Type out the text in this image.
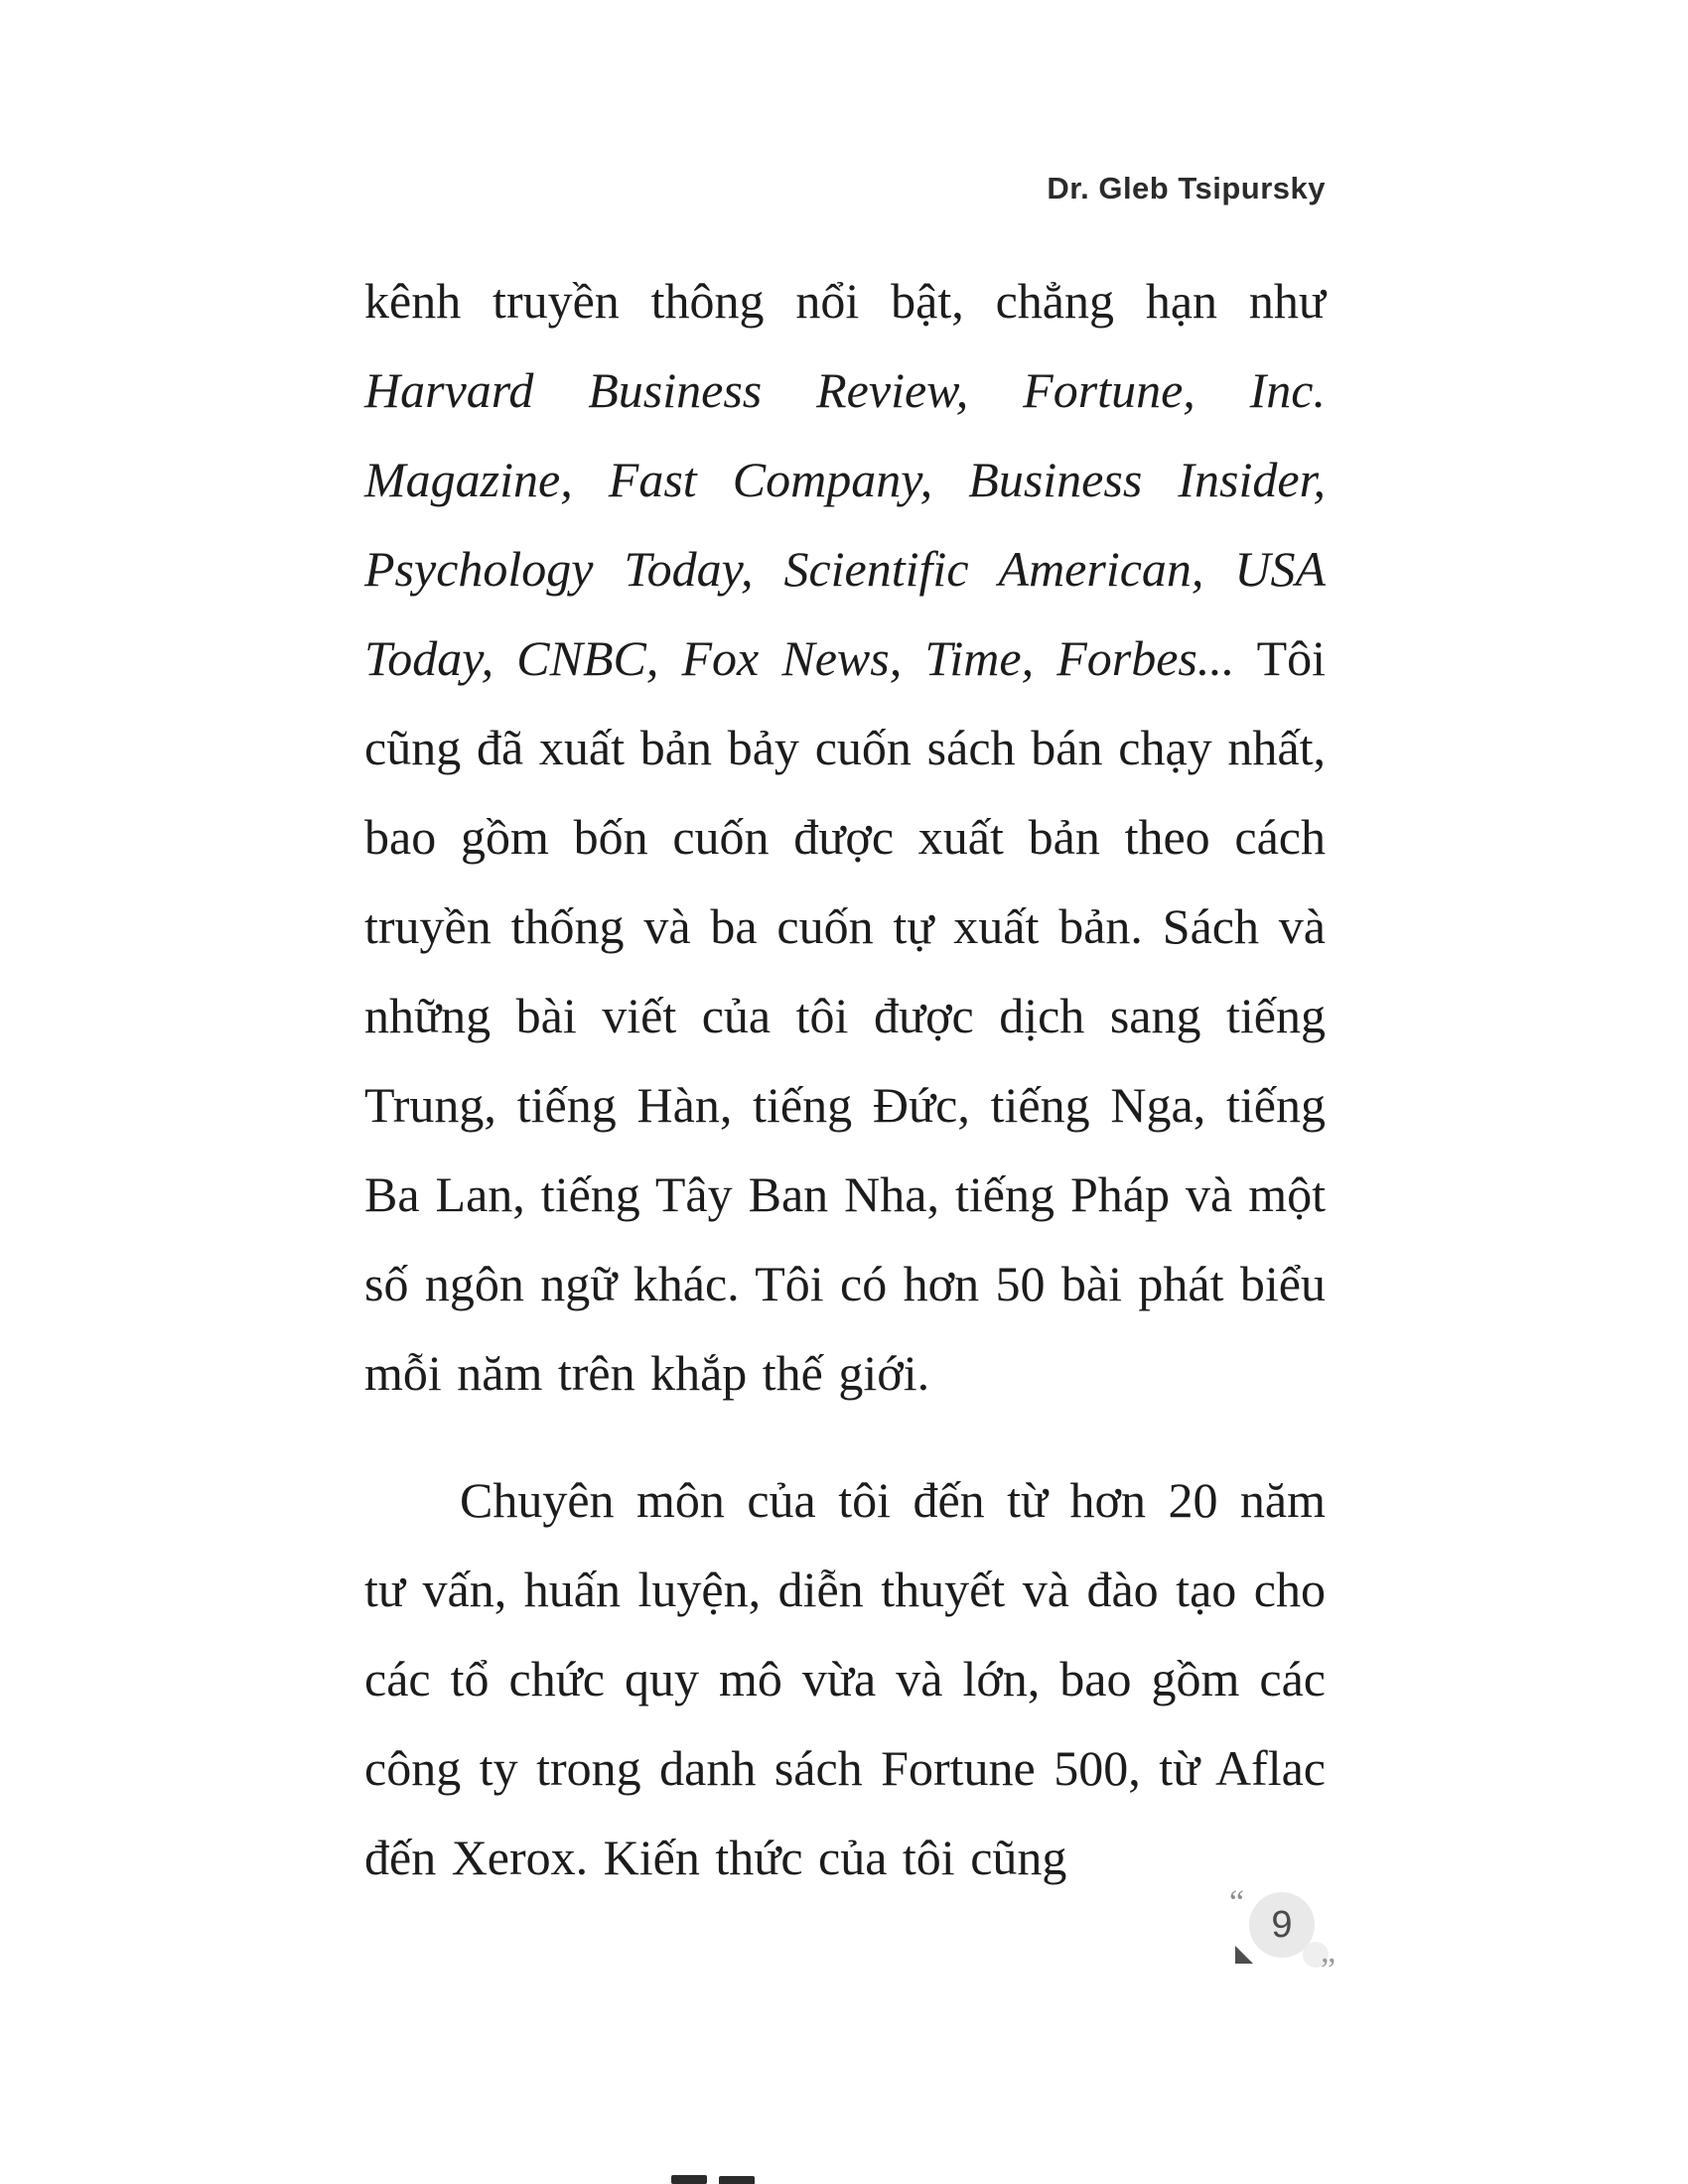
Dr. Gleb Tsipursky

kênh truyền thông nổi bật, chẳng hạn như Harvard Business Review, Fortune, Inc. Magazine, Fast Company, Business Insider, Psychology Today, Scientific American, USA Today, CNBC, Fox News, Time, Forbes... Tôi cũng đã xuất bản bảy cuốn sách bán chạy nhất, bao gồm bốn cuốn được xuất bản theo cách truyền thống và ba cuốn tự xuất bản. Sách và những bài viết của tôi được dịch sang tiếng Trung, tiếng Hàn, tiếng Đức, tiếng Nga, tiếng Ba Lan, tiếng Tây Ban Nha, tiếng Pháp và một số ngôn ngữ khác. Tôi có hơn 50 bài phát biểu mỗi năm trên khắp thế giới.

Chuyên môn của tôi đến từ hơn 20 năm tư vấn, huấn luyện, diễn thuyết và đào tạo cho các tổ chức quy mô vừa và lớn, bao gồm các công ty trong danh sách Fortune 500, từ Aflac đến Xerox. Kiến thức của tôi cũng

“
9
”
